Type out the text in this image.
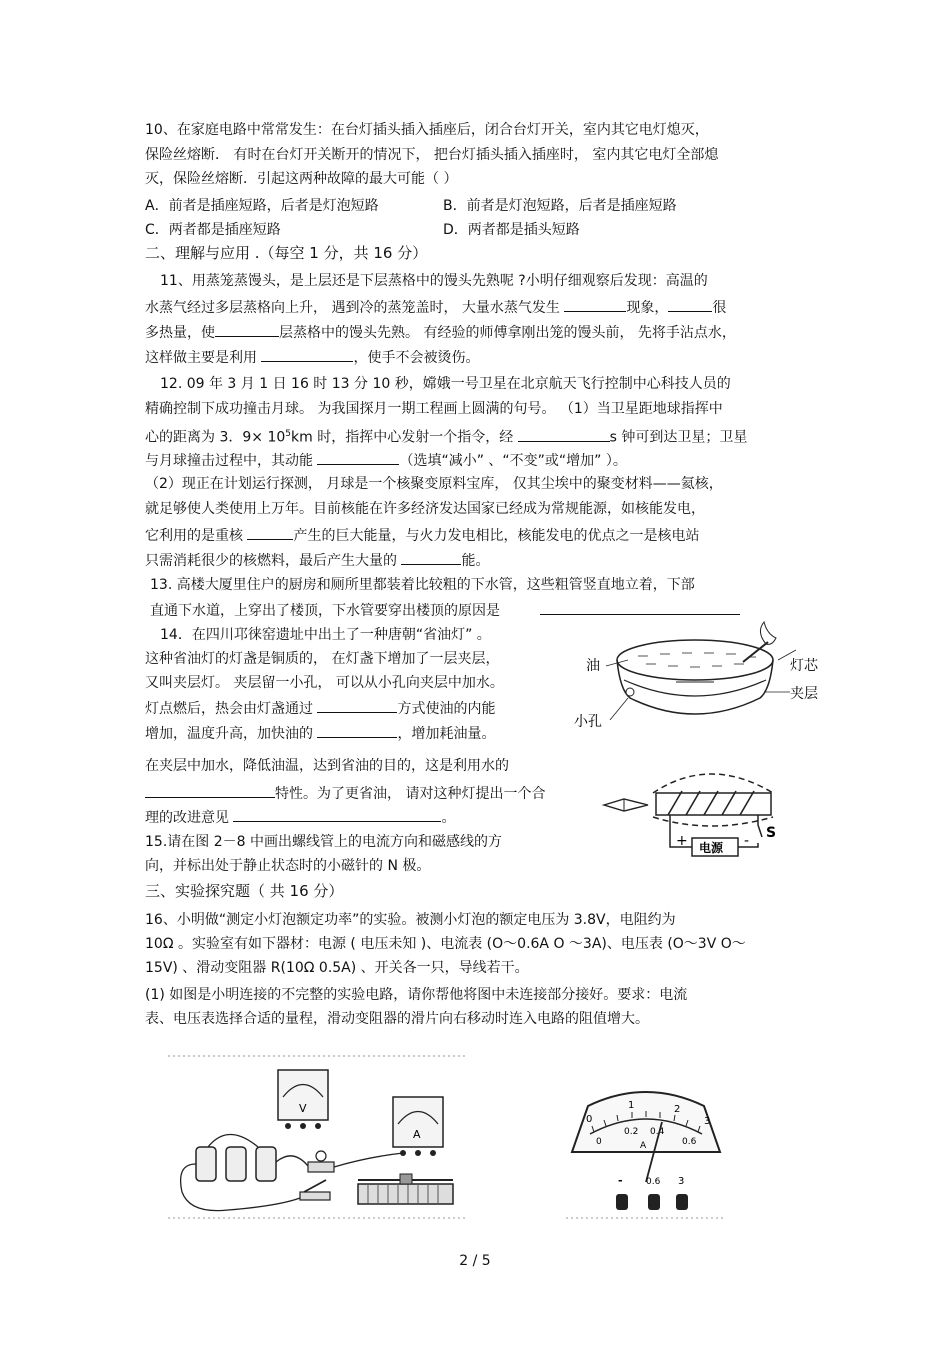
10、在家庭电路中常常发生：在台灯插头插入插座后，闭合台灯开关，室内其它电灯熄灭，
保险丝熔断． 有时在台灯开关断开的情况下， 把台灯插头插入插座时， 室内其它电灯全部熄
灭，保险丝熔断．引起这两种故障的最大可能（ ）
A．前者是插座短路，后者是灯泡短路	B．前者是灯泡短路，后者是插座短路
C．两者都是插座短路	D．两者都是插头短路
二、理解与应用 .（每空 1 分，共 16 分）
11、用蒸笼蒸馒头，是上层还是下层蒸格中的馒头先熟呢 ?小明仔细观察后发现：高温的
水蒸气经过多层蒸格向上升， 遇到冷的蒸笼盖时， 大量水蒸气发生	现象，	很
多热量，使	层蒸格中的馒头先熟。 有经验的师傅拿刚出笼的馒头前， 先将手沾点水，
这样做主要是利用	，使手不会被烫伤。
12. 09 年 3 月 1 日 16 时 13 分 10 秒，嫦娥一号卫星在北京航天飞行控制中心科技人员的
精确控制下成功撞击月球。 为我国探月一期工程画上圆满的句号。 （1）当卫星距地球指挥中
心的距离为 3．$9\times 10^5km$ 时，指挥中心发射一个指令，经	s 钟可到达卫星；卫星
与月球撞击过程中，其动能	（选填“减小” 、“不变”或“增加” ）。
（2）现正在计划运行探测， 月球是一个核聚变原料宝库， 仅其尘埃中的聚变材料——氦核，
就足够使人类使用上万年。目前核能在许多经济发达国家已经成为常规能源，如核能发电，
它利用的是重核	产生的巨大能量，与火力发电相比，核能发电的优点之一是核电站
只需消耗很少的核燃料，最后产生大量的	能。
13. 高楼大厦里住户的厨房和厕所里都装着比较粗的下水管，这些粗管竖直地立着，下部
直通下水道，上穿出了楼顶，下水管要穿出楼顶的原因是
14．在四川邛徕窑遗址中出土了一种唐朝“省油灯” 。
这种省油灯的灯盏是铜质的， 在灯盏下增加了一层夹层，
又叫夹层灯。 夹层留一小孔， 可以从小孔向夹层中加水。
灯点燃后，热会由灯盏通过	方式使油的内能
增加，温度升高，加快油的	，增加耗油量。
在夹层中加水，降低油温，达到省油的目的，这是利用水的
特性。为了更省油， 请对这种灯提出一个合
理的改进意见	。
油	灯芯
夹层
小孔
15.请在图 2－8 中画出螺线管上的电流方向和磁感线的方
向，并标出处于静止状态时的小磁针的 N 极。
+	-
电源
S
三、实验探究题（ 共 16 分）
16、小明做“测定小灯泡额定功率”的实验。被测小灯泡的额定电压为 3.8V，电阻约为
10Ω 。实验室有如下器材：电源 ( 电压未知 )、电流表 (O～0.6A O ～3A)、电压表 (O～3V O～
15V) 、滑动变阻器 R(10Ω 0.5A) 、开关各一只，导线若干。
(1) 如图是小明连接的不完整的实验电路，请你帮他将图中未连接部分接好。要求：电流
表、电压表选择合适的量程，滑动变阻器的滑片向右移动时连入电路的阻值增大。
V
A
0
1	2
3
0
0.2 0.4
0.6
A
-	0.6 3
2 / 5
